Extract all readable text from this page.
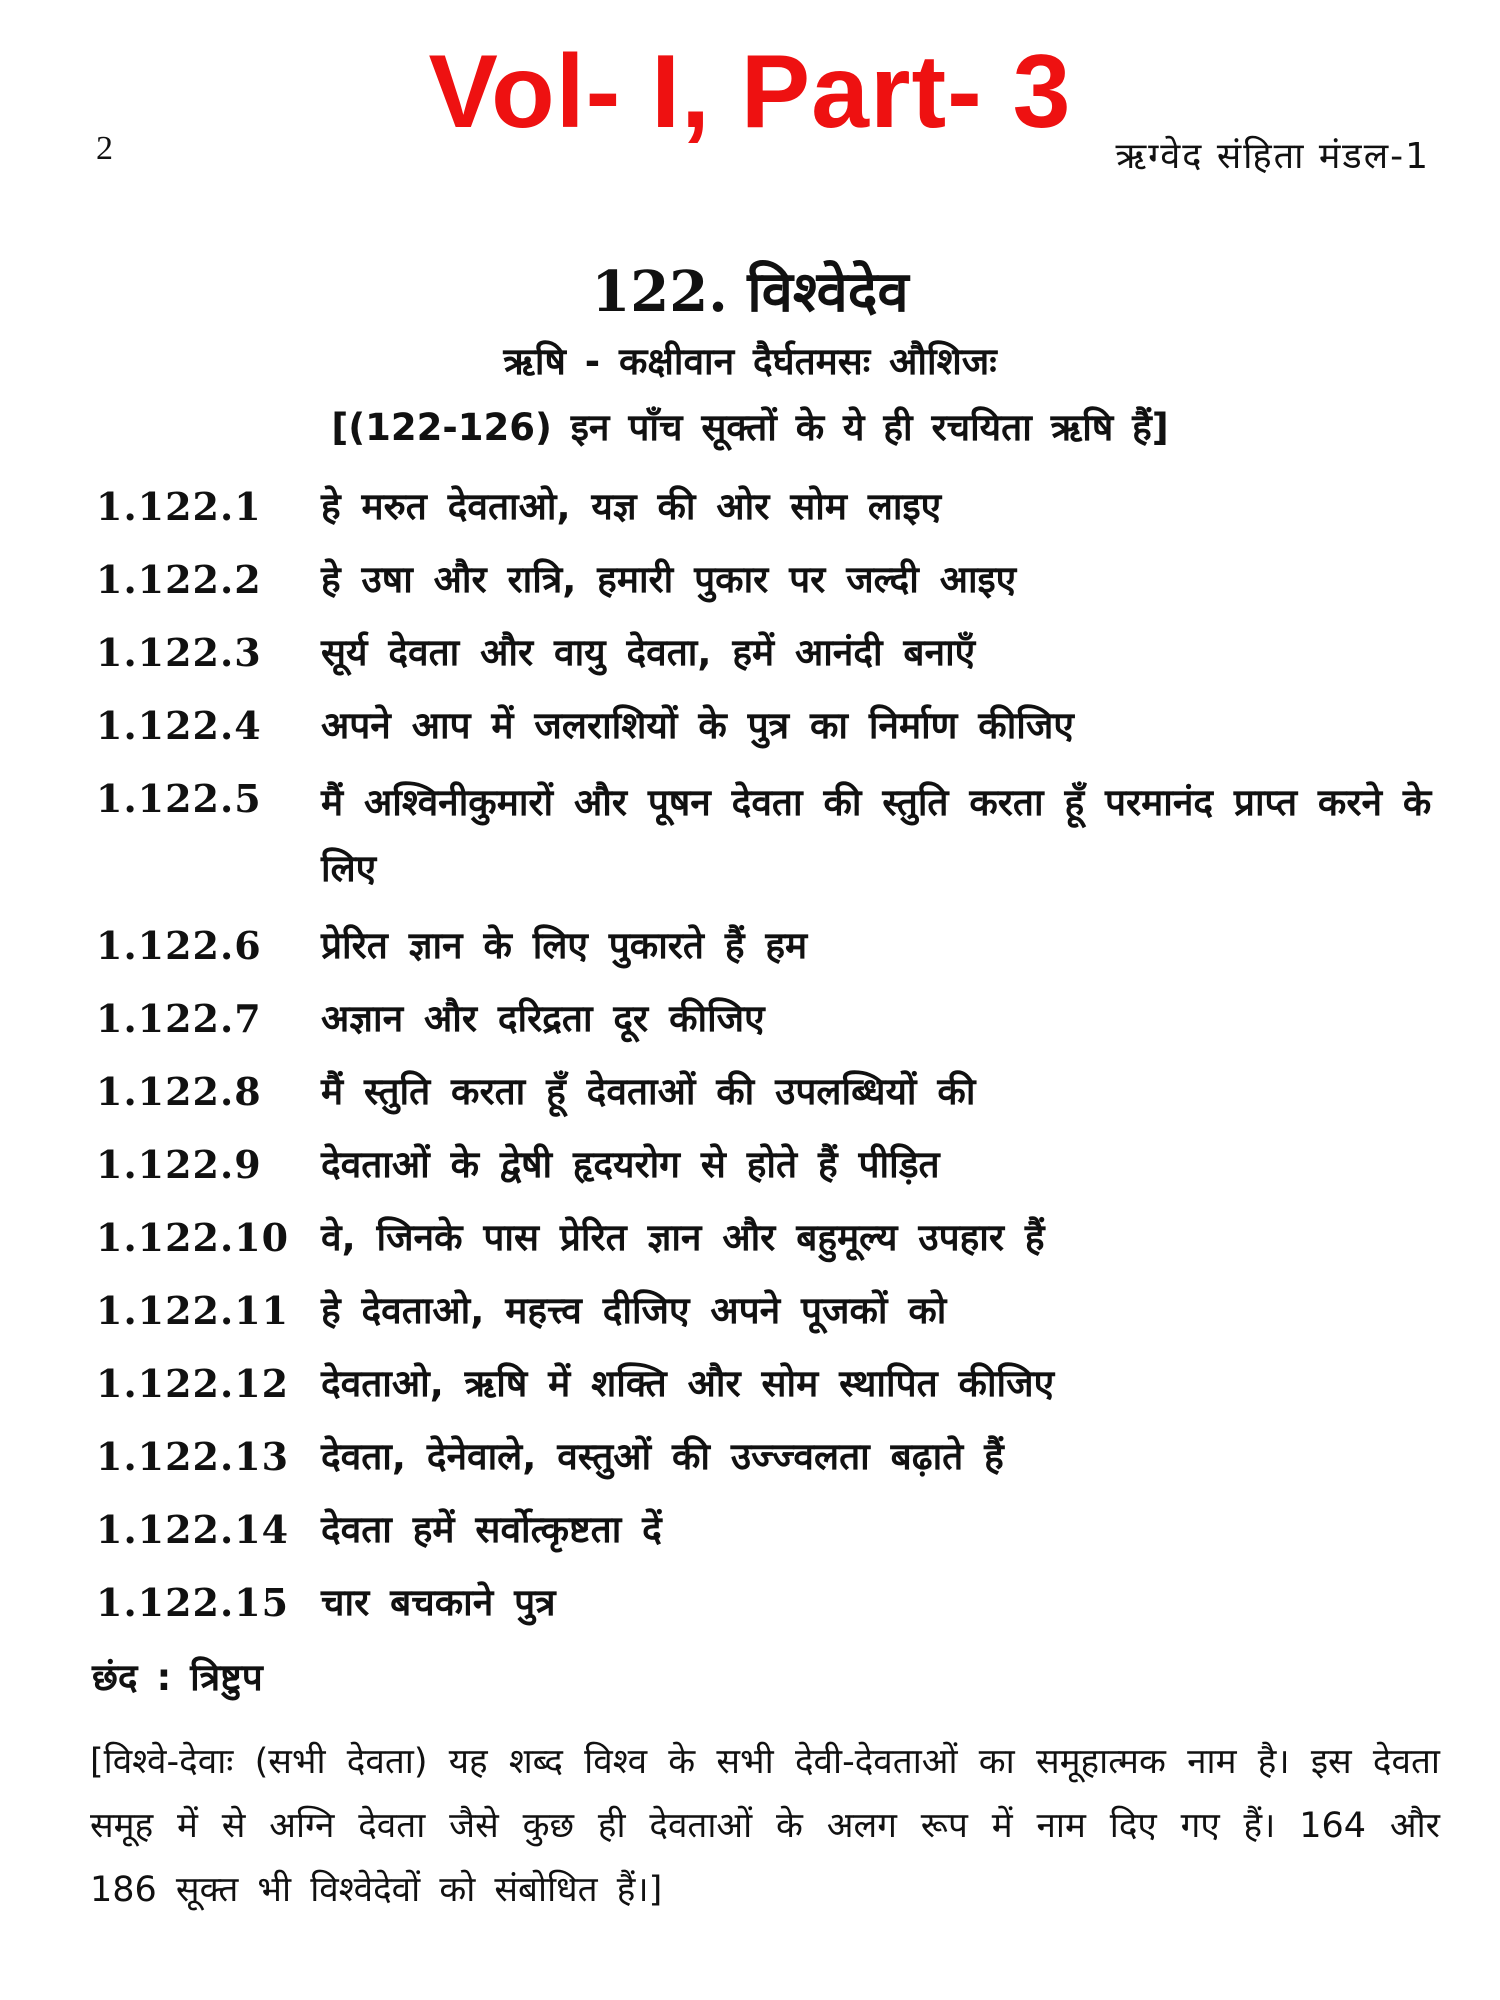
Vol- I, Part- 3
2	ऋग्वेद संहिता मंडल-1
122. विश्वेदेव
ऋषि - कक्षीवान दैर्घतमसः औशिजः
[(122-126) इन पाँच सूक्तों के ये ही रचयिता ऋषि हैं]
1.122.1	हे मरुत देवताओ, यज्ञ की ओर सोम लाइए
1.122.2	हे उषा और रात्रि, हमारी पुकार पर जल्दी आइए
1.122.3	सूर्य देवता और वायु देवता, हमें आनंदी बनाएँ
1.122.4	अपने आप में जलराशियों के पुत्र का निर्माण कीजिए
1.122.5	मैं अश्विनीकुमारों और पूषन देवता की स्तुति करता हूँ परमानंद प्राप्त करने के लिए
1.122.6	प्रेरित ज्ञान के लिए पुकारते हैं हम
1.122.7	अज्ञान और दरिद्रता दूर कीजिए
1.122.8	मैं स्तुति करता हूँ देवताओं की उपलब्धियों की
1.122.9	देवताओं के द्वेषी हृदयरोग से होते हैं पीड़ित
1.122.10 वे, जिनके पास प्रेरित ज्ञान और बहुमूल्य उपहार हैं
1.122.11 हे देवताओ, महत्त्व दीजिए अपने पूजकों को
1.122.12 देवताओ, ऋषि में शक्ति और सोम स्थापित कीजिए
1.122.13 देवता, देनेवाले, वस्तुओं की उज्ज्वलता बढ़ाते हैं
1.122.14 देवता हमें सर्वोत्कृष्टता दें
1.122.15 चार बचकाने पुत्र
छंद : त्रिष्टुप
[विश्वे-देवाः (सभी देवता) यह शब्द विश्व के सभी देवी-देवताओं का समूहात्मक नाम है। इस देवता समूह में से अग्नि देवता जैसे कुछ ही देवताओं के अलग रूप में नाम दिए गए हैं। 164 और 186 सूक्त भी विश्वेदेवों को संबोधित हैं।]
